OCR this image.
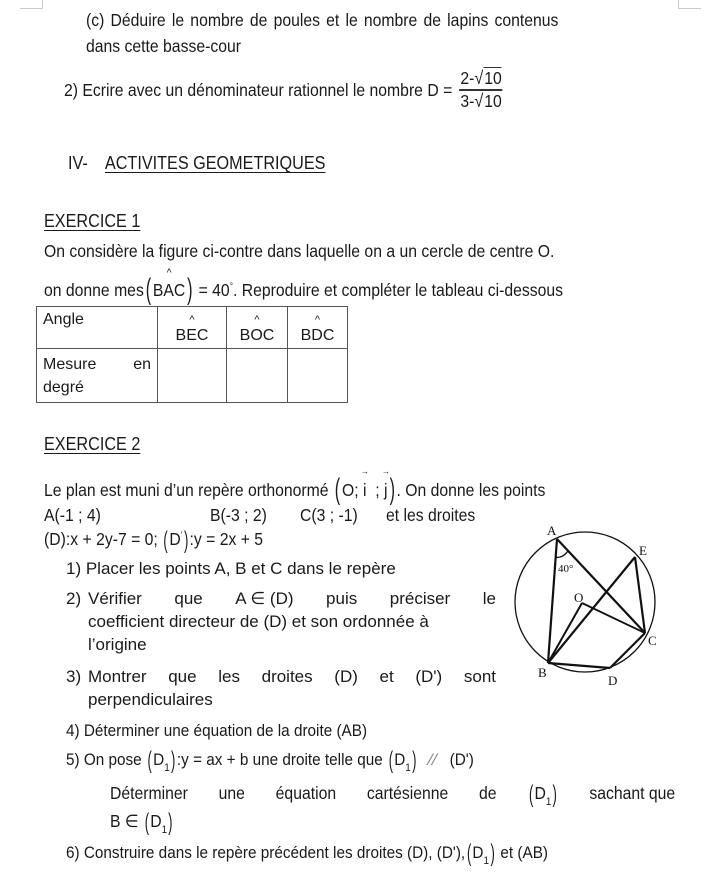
(c) Déduire le nombre de poules et le nombre de lapins contenus
dans cette basse-cour
2) Ecrire avec un dénominateur rationnel le nombre $D = \frac{2-√10}{3-√10}$
IV- ACTIVITES GEOMETRIQUES
EXERCICE 1
On considère la figure ci-contre dans laquelle on a un cercle de centre O.
on donne mes( ^ BAC) = 40°. Reproduire et compléter le tableau ci-dessous
Angle	^ BEC	^ BOC	^ BDC

Mesure en
degré			

EXERCICE 2
Le plan est muni d’un repère orthonormé ( O; → i ; → j) . On donne les points
A(-1 ; 4)	B(-3 ; 2) C(3 ; -1) et les droites
(D):x + 2y-7 = 0; (D'):y = 2x + 5
1) Placer les points A, B et C dans le repère
2) Vérifier que A ∈ (D) puis préciser le
coefficient directeur de (D) et son ordonnée à
l’origine
3) Montrer que les droites (D) et (D') sont
perpendiculaires
4) Déterminer une équation de la droite (AB)
5) On pose $(D_1):y$ = ax + b une droite telle que $(D_1)$ ⁄⁄ (D')
Déterminer une équation cartésienne de $(D_1)$ sachant que
B ∈ $(D_1)$
6) Construire dans le repère précédent les droites (D), $(D'),(D_1)$ et (AB)
A
B
C
D
E
O
40°
